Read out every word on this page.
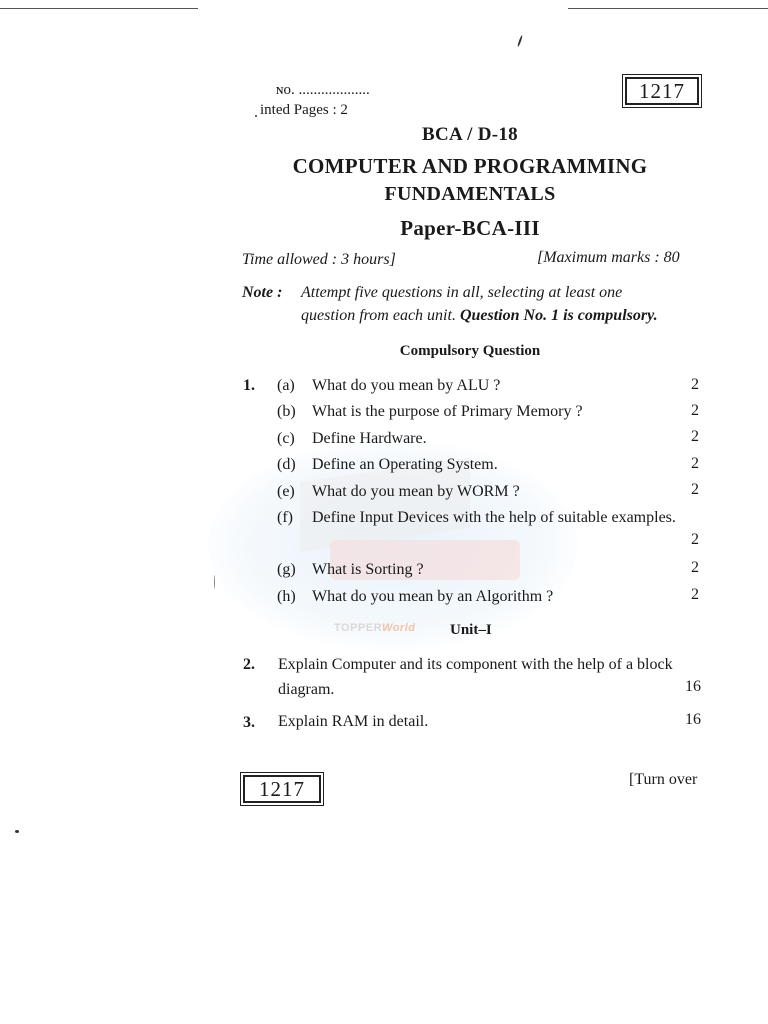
TOPPERWorld
ɴo. ...................
inted Pages : 2
1217
BCA / D-18
COMPUTER AND PROGRAMMING
FUNDAMENTALS
Paper-BCA-III
Time allowed : 3 hours]	[Maximum marks : 80
Note : Attempt five questions in all, selecting at least one
question from each unit. Question No. 1 is compulsory.
Compulsory Question
1. (a) What do you mean by ALU ?	2
(b) What is the purpose of Primary Memory ?	2
(c) Define Hardware.	2
(d) Define an Operating System.	2
(e) What do you mean by WORM ?	2
(f) Define Input Devices with the help of suitable examples.
2
(g) What is Sorting ?	2
(h) What do you mean by an Algorithm ?	2
Unit–I
2. Explain Computer and its component with the help of a block
diagram.	16
3. Explain RAM in detail.	16
1217	[Turn over
